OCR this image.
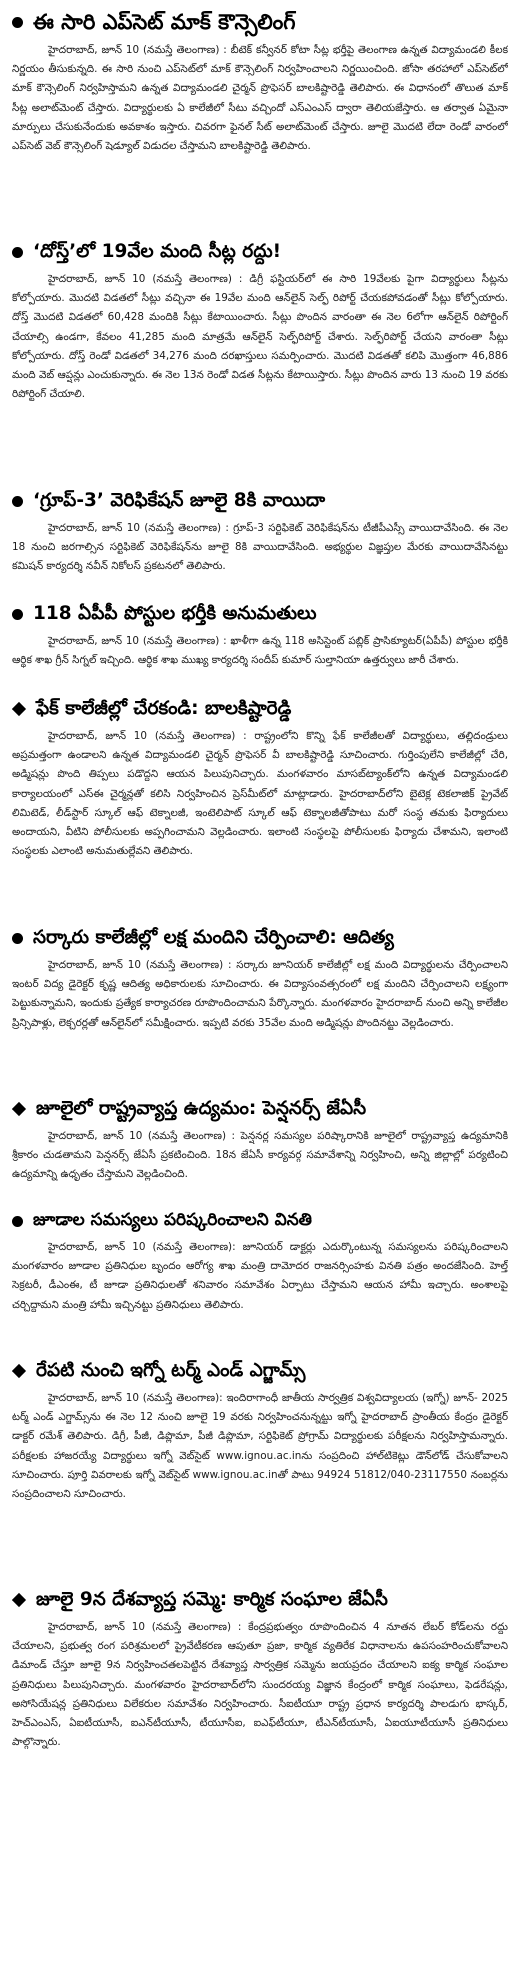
ఈ సారి ఎప్‌సెట్ మాక్ కౌన్సెలింగ్

హైదరాబాద్, జూన్ 10 (నమస్తే తెలంగాణ) : బీటెక్ కన్వీనర్ కోటా సీట్ల భర్తీపై తెలంగాణ ఉన్నత విద్యామండలి కీలక నిర్ణయం తీసుకున్నది. ఈ సారి నుంచి ఎప్‌సెట్‌లో మాక్ కౌన్సెలింగ్ నిర్వహించాలని నిర్ణయించింది. జోసా తరహాలో ఎప్‌సెట్‌లో మాక్ కౌన్సెలింగ్ నిర్వహిస్తామని ఉన్నత విద్యామండలి చైర్మన్ ప్రొఫెసర్ బాలకిష్టారెడ్డి తెలిపారు. ఈ విధానంలో తొలుత మాక్ సీట్ల అలాట్‌మెంట్ చేస్తారు. విద్యార్థులకు ఏ కాలేజీలో సీటు వచ్చిందో ఎస్ఎంఎస్ ద్వారా తెలియజేస్తారు. ఆ తర్వాత ఏమైనా మార్పులు చేసుకునేందుకు అవకాశం ఇస్తారు. చివరగా ఫైనల్ సీట్ అలాట్‌మెంట్ చేస్తారు. జూలై మొదటి లేదా రెండో వారంలో ఎప్‌సెట్ వెబ్ కౌన్సెలింగ్ షెడ్యూల్ విడుదల చేస్తామని బాలకిష్టారెడ్డి తెలిపారు.

‘దోస్త్’లో 19వేల మంది సీట్ల రద్దు!

హైదరాబాద్, జూన్ 10 (నమస్తే తెలంగాణ) : డిగ్రీ ఫస్టియర్‌లో ఈ సారి 19వేలకు పైగా విద్యార్థులు సీట్లను కోల్పోయారు. మొదటి విడతలో సీట్లు వచ్చినా ఈ 19వేల మంది ఆన్‌లైన్ సెల్ఫ్ రిపోర్ట్ చేయకపోవడంతో సీట్లు కోల్పోయారు. దోస్త్ మొదటి విడతలో 60,428 మందికి సీట్లు కేటాయించారు. సీట్లు పొందిన వారంతా ఈ నెల 6లోగా ఆన్‌లైన్ రిపోర్టింగ్ చేయాల్సి ఉండగా, కేవలం 41,285 మంది మాత్రమే ఆన్‌లైన్ సెల్ఫ్‌రిపోర్ట్ చేశారు. సెల్ఫ్‌రిపోర్ట్ చేయని వారంతా సీట్లు కోల్పోయారు. దోస్త్ రెండో విడతలో 34,276 మంది దరఖాస్తులు సమర్పించారు. మొదటి విడతతో కలిపి మొత్తంగా 46,886 మంది వెబ్ ఆప్షన్లు ఎంచుకున్నారు. ఈ నెల 13న రెండో విడత సీట్లను కేటాయిస్తారు. సీట్లు పొందిన వారు 13 నుంచి 19 వరకు రిపోర్టింగ్ చేయాలి.

‘గ్రూప్-3’ వెరిఫికేషన్ జూలై 8కి వాయిదా

హైదరాబాద్, జూన్ 10 (నమస్తే తెలంగాణ) : గ్రూప్-3 సర్టిఫికెట్ వెరిఫికేషన్‌ను టీజీపీఎస్సీ వాయిదావేసింది. ఈ నెల 18 నుంచి జరగాల్సిన సర్టిఫికెట్ వెరిఫికేషన్‌ను జూలై 8కి వాయిదావేసింది. అభ్యర్థుల విజ్ఞప్తుల మేరకు వాయిదావేసినట్టు కమిషన్ కార్యదర్శి నవీన్ నికోలస్ ప్రకటనలో తెలిపారు.

118 ఏపీపీ పోస్టుల భర్తీకి అనుమతులు

హైదరాబాద్, జూన్ 10 (నమస్తే తెలంగాణ) : ఖాళీగా ఉన్న 118 అసిస్టెంట్ పబ్లిక్ ప్రాసిక్యూటర్(ఏపీపీ) పోస్టుల భర్తీకి ఆర్థిక శాఖ గ్రీన్ సిగ్నల్ ఇచ్చింది. ఆర్థిక శాఖ ముఖ్య కార్యదర్శి సందీప్ కుమార్ సుల్తానియా ఉత్తర్వులు జారీ చేశారు.

ఫేక్ కాలేజీల్లో చేరకండి: బాలకిష్టారెడ్డి

హైదరాబాద్, జూన్ 10 (నమస్తే తెలంగాణ) : రాష్ట్రంలోని కొన్ని ఫేక్ కాలేజీలతో విద్యార్థులు, తల్లిదండ్రులు అప్రమత్తంగా ఉండాలని ఉన్నత విద్యామండలి చైర్మన్ ప్రొఫెసర్ వీ బాలకిష్టారెడ్డి సూచించారు. గుర్తింపులేని కాలేజీల్లో చేరి, అడ్మిషన్లు పొంది తిప్పలు పడొద్దని ఆయన పిలుపునిచ్చారు. మంగళవారం మాసబ్‌ట్యాంక్‌లోని ఉన్నత విద్యామండలి కార్యాలయంలో ఎస్ఈ చైర్మన్లతో కలిసి నిర్వహించిన ప్రెస్‌మీట్‌లో మాట్లాడారు. హైదరాబాద్‌లోని బైటెక్ల టెకలాజిక్ ప్రైవేట్ లిమిటెడ్, లీడ్‌స్టార్ స్కూల్ ఆఫ్ టెక్నాలజీ, ఇంటెలిపాట్ స్కూల్ ఆఫ్ టెక్నాలజీతోపాటు మరో సంస్థ తమకు ఫిర్యాదులు అందాయని, వీటిని పోలీసులకు అప్పగించామని వెల్లడించారు. ఇలాంటి సంస్థలపై పోలీసులకు ఫిర్యాదు చేశామని, ఇలాంటి సంస్థలకు ఎలాంటి అనుమతుల్లేవని తెలిపారు.

సర్కారు కాలేజీల్లో లక్ష మందిని చేర్పించాలి: ఆదిత్య

హైదరాబాద్, జూన్ 10 (నమస్తే తెలంగాణ) : సర్కారు జూనియర్ కాలేజీల్లో లక్ష మంది విద్యార్థులను చేర్పించాలని ఇంటర్ విద్య డైరెక్టర్ కృష్ణ ఆదిత్య అధికారులకు సూచించారు. ఈ విద్యాసంవత్సరంలో లక్ష మందిని చేర్పించాలని లక్ష్యంగా పెట్టుకున్నామని, ఇందుకు ప్రత్యేక కార్యాచరణ రూపొందించామని పేర్కొన్నారు. మంగళవారం హైదరాబాద్ నుంచి అన్ని కాలేజీల ప్రిన్సిపాళ్లు, లెక్చరర్లతో ఆన్‌లైన్‌లో సమీక్షించారు. ఇప్పటి వరకు 35వేల మంది అడ్మిషన్లు పొందినట్టు వెల్లడించారు.

జూలైలో రాష్ట్రవ్యాప్త ఉద్యమం: పెన్షనర్స్ జేఏసీ

హైదరాబాద్, జూన్ 10 (నమస్తే తెలంగాణ) : పెన్షనర్ల సమస్యల పరిష్కారానికి జూలైలో రాష్ట్రవ్యాప్త ఉద్యమానికి శ్రీకారం చుడతామని పెన్షనర్స్ జేఏసీ ప్రకటించింది. 18న జేఏసీ కార్యవర్గ సమావేశాన్ని నిర్వహించి, అన్ని జిల్లాల్లో పర్యటించి ఉద్యమాన్ని ఉధృతం చేస్తామని వెల్లడించింది.

జూడాల సమస్యలు పరిష్కరించాలని వినతి

హైదరాబాద్, జూన్ 10 (నమస్తే తెలంగాణ): జూనియర్ డాక్టర్లు ఎదుర్కొంటున్న సమస్యలను పరిష్కరించాలని మంగళవారం జూడాల ప్రతినిధుల బృందం ఆరోగ్య శాఖ మంత్రి దామోదర రాజనర్సింహకు వినతి పత్రం అందజేసింది. హెల్త్ సెక్రటరీ, డీఎంఈ, టీ జూడా ప్రతినిధులతో శనివారం సమావేశం ఏర్పాటు చేస్తామని ఆయన హామీ ఇచ్చారు. అంశాలపై చర్చిద్దామని మంత్రి హామీ ఇచ్చినట్టు ప్రతినిధులు తెలిపారు.

రేపటి నుంచి ఇగ్నో టర్మ్ ఎండ్ ఎగ్జామ్స్

హైదరాబాద్, జూన్ 10 (నమస్తే తెలంగాణ): ఇందిరాగాంధీ జాతీయ సార్వత్రిక విశ్వవిద్యాలయ (ఇగ్నో) జూన్- 2025 టర్మ్ ఎండ్ ఎగ్జామ్స్‌ను ఈ నెల 12 నుంచి జూలై 19 వరకు నిర్వహించనున్నట్టు ఇగ్నో హైదరాబాద్ ప్రాంతీయ కేంద్రం డైరెక్టర్ డాక్టర్ రమేశ్ తెలిపారు. డిగ్రీ, పీజీ, డిప్లొమా, పీజీ డిప్లొమా, సర్టిఫికెట్ ప్రోగ్రామ్ విద్యార్థులకు పరీక్షలను నిర్వహిస్తామన్నారు. పరీక్షలకు హాజరయ్యే విద్యార్థులు ఇగ్నో వెబ్‌సైట్ www.ignou.ac.in‌ను సంప్రదించి హాల్‌టికెట్లు డౌన్‌లోడ్ చేసుకోవాలని సూచించారు. పూర్తి వివరాలకు ఇగ్నో వెబ్‌సైట్ www.ignou.ac.in‌తో పాటు 94924 51812/040-23117550 నంబర్లను సంప్రదించాలని సూచించారు.

జూలై 9న దేశవ్యాప్త సమ్మె: కార్మిక సంఘాల జేఏసీ

హైదరాబాద్, జూన్ 10 (నమస్తే తెలంగాణ) : కేంద్రప్రభుత్వం రూపొందించిన 4 నూతన లేబర్ కోడ్‌లను రద్దు చేయాలని, ప్రభుత్వ రంగ పరిశ్రమలలో ప్రైవేటీకరణ ఆపుతూ ప్రజా, కార్మిక వ్యతిరేక విధానాలను ఉపసంహరించుకోవాలని డిమాండ్ చేస్తూ జూలై 9న నిర్వహించతలపెట్టిన దేశవ్యాప్త సార్వత్రిక సమ్మెను జయప్రదం చేయాలని ఐక్య కార్మిక సంఘాల ప్రతినిధులు పిలుపునిచ్చారు. మంగళవారం హైదరాబాద్‌లోని సుందరయ్య విజ్ఞాన కేంద్రంలో కార్మిక సంఘాలు, ఫెడరేషన్లు, అసోసియేషన్ల ప్రతినిధులు విలేకరుల సమావేశం నిర్వహించారు. సీఐటీయూ రాష్ట్ర ప్రధాన కార్యదర్శి పాలడుగు భాస్కర్, హెచ్ఎంఎస్, ఏఐటీయూసీ, ఐఎన్‌టీయూసీ, టీయూసీఐ, ఐఎఫ్‌టీయూ, టీఎన్‌టీయూసీ, ఏఐయూటీయూసీ ప్రతినిధులు పాల్గొన్నారు.
